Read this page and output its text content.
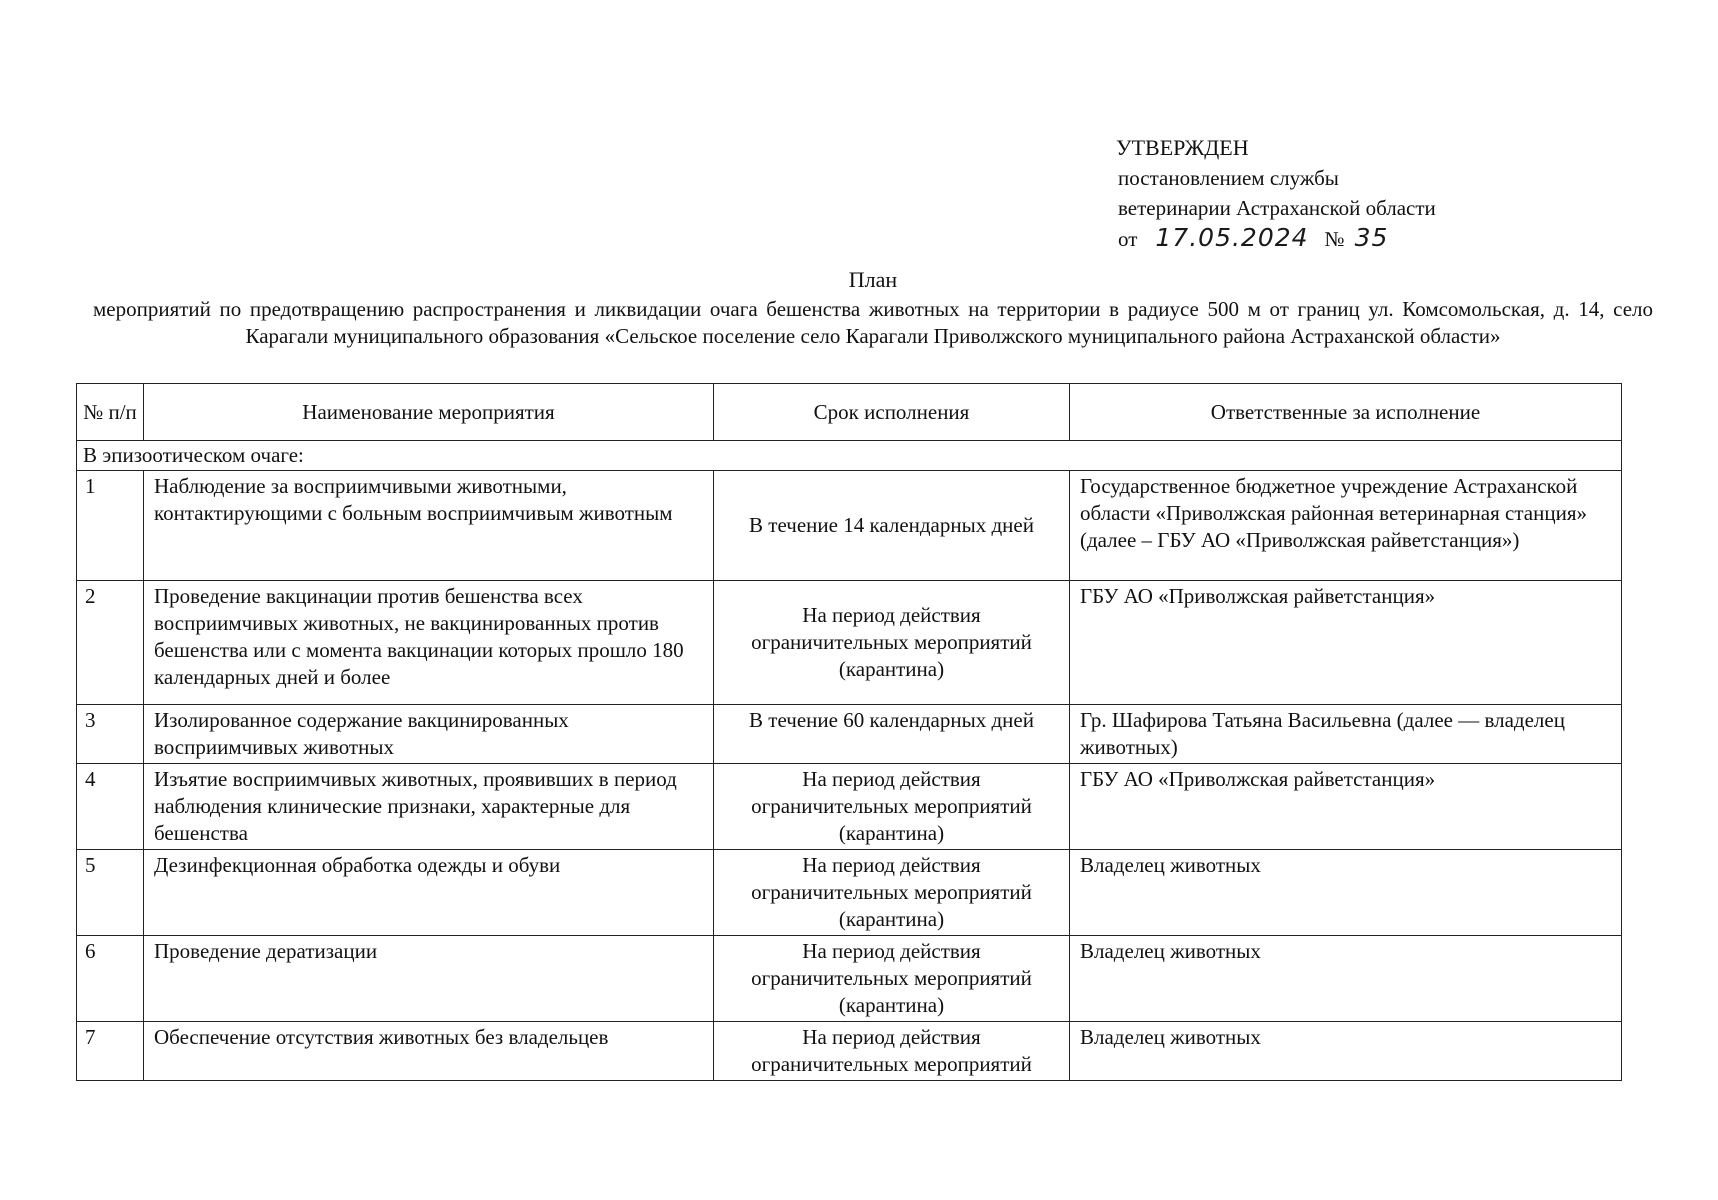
УТВЕРЖДЕН
постановлением службы
ветеринарии Астраханской области
от 17.05.2024 № 35
План
мероприятий по предотвращению распространения и ликвидации очага бешенства животных на территории в радиусе 500 м от границ ул. Комсомольская, д. 14, село Карагали муниципального образования «Сельское поселение село Карагали Приволжского муниципального района Астраханской области»
№ п/п	Наименование мероприятия	Срок исполнения	Ответственные за исполнение
В эпизоотическом очаге:			
1	Наблюдение за восприимчивыми животными, контактирующими с больным восприимчивым животным	В течение 14 календарных дней	Государственное бюджетное учреждение Астраханской области «Приволжская районная ветеринарная станция» (далее – ГБУ АО «Приволжская райветстанция»)
2	Проведение вакцинации против бешенства всех восприимчивых животных, не вакцинированных против бешенства или с момента вакцинации которых прошло 180 календарных дней и более	На период действия ограничительных мероприятий (карантина)	ГБУ АО «Приволжская райветстанция»
3	Изолированное содержание вакцинированных восприимчивых животных	В течение 60 календарных дней	Гр. Шафирова Татьяна Васильевна (далее — владелец животных)
4	Изъятие восприимчивых животных, проявивших в период наблюдения клинические признаки, характерные для бешенства	На период действия ограничительных мероприятий (карантина)	ГБУ АО «Приволжская райветстанция»
5	Дезинфекционная обработка одежды и обуви	На период действия ограничительных мероприятий (карантина)	Владелец животных
6	Проведение дератизации	На период действия ограничительных мероприятий (карантина)	Владелец животных
7	Обеспечение отсутствия животных без владельцев	На период действия ограничительных мероприятий	Владелец животных
